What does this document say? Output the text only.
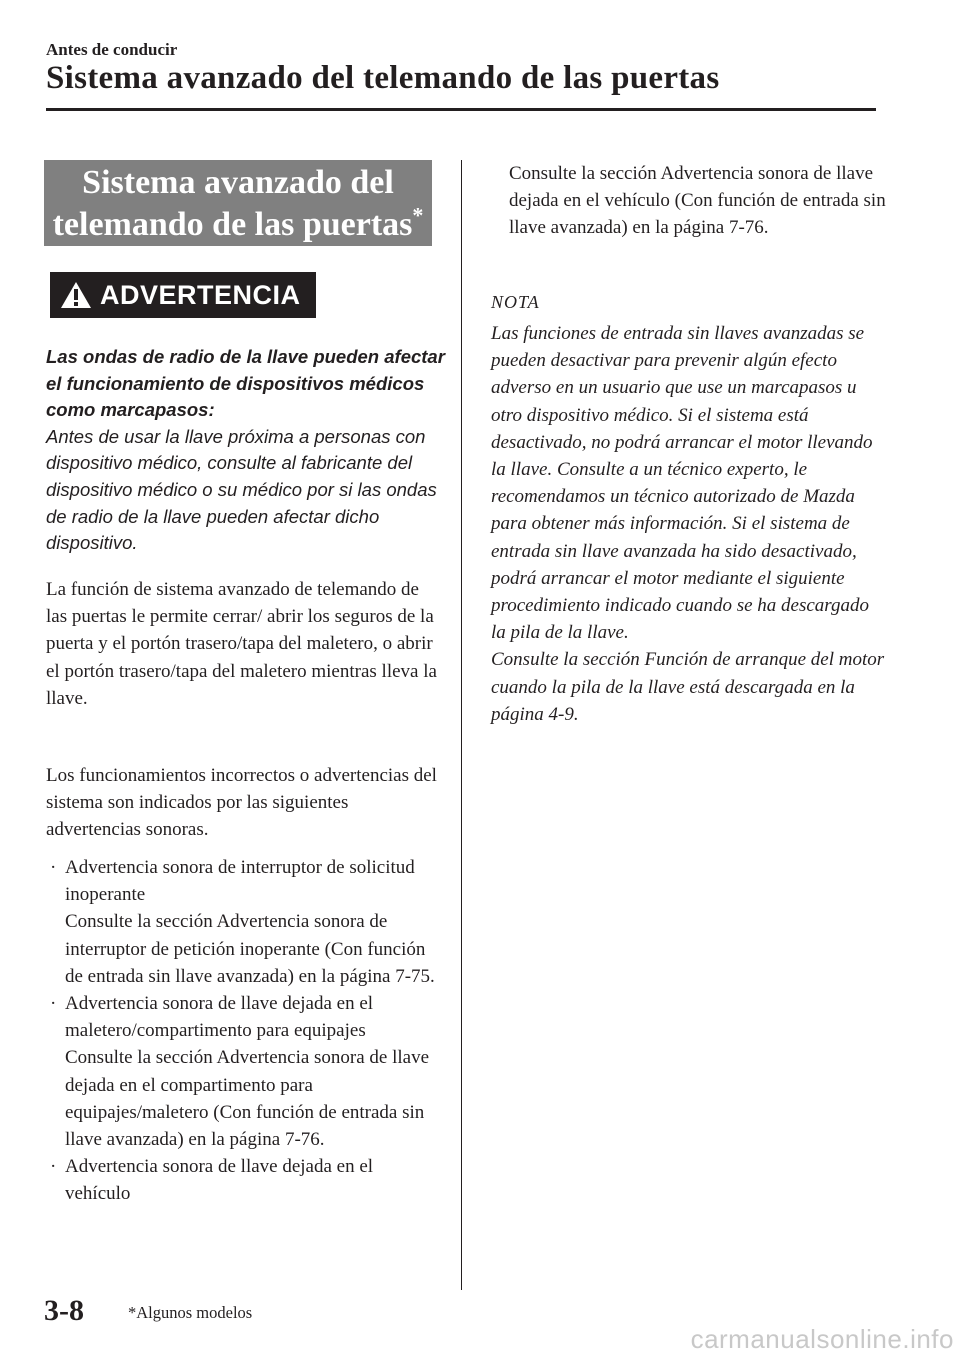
Antes de conducir
Sistema avanzado del telemando de las puertas
Sistema avanzado del
telemando de las puertas*
ADVERTENCIA

Las ondas de radio de la llave pueden afectar el funcionamiento de dispositivos médicos como marcapasos:
Antes de usar la llave próxima a personas con dispositivo médico, consulte al fabricante del dispositivo médico o su médico por si las ondas de radio de la llave pueden afectar dicho dispositivo.

La función de sistema avanzado de telemando de las puertas le permite cerrar/ abrir los seguros de la puerta y el portón trasero/tapa del maletero, o abrir el portón trasero/tapa del maletero mientras lleva la llave.

Los funcionamientos incorrectos o advertencias del sistema son indicados por las siguientes advertencias sonoras.

· Advertencia sonora de interruptor de solicitud inoperante
Consulte la sección Advertencia sonora de interruptor de petición inoperante (Con función de entrada sin llave avanzada) en la página 7-75.
· Advertencia sonora de llave dejada en el maletero/compartimento para equipajes
Consulte la sección Advertencia sonora de llave dejada en el compartimento para equipajes/maletero (Con función de entrada sin llave avanzada) en la página 7-76.
· Advertencia sonora de llave dejada en el vehículo

Consulte la sección Advertencia sonora de llave dejada en el vehículo (Con función de entrada sin llave avanzada) en la página 7-76.

NOTA

Las funciones de entrada sin llaves avanzadas se pueden desactivar para prevenir algún efecto adverso en un usuario que use un marcapasos u otro dispositivo médico. Si el sistema está desactivado, no podrá arrancar el motor llevando la llave. Consulte a un técnico experto, le recomendamos un técnico autorizado de Mazda para obtener más información. Si el sistema de entrada sin llave avanzada ha sido desactivado, podrá arrancar el motor mediante el siguiente procedimiento indicado cuando se ha descargado la pila de la llave.
Consulte la sección Función de arranque del motor cuando la pila de la llave está descargada en la página 4-9.

3-8	*Algunos modelos
carmanualsonline.info
